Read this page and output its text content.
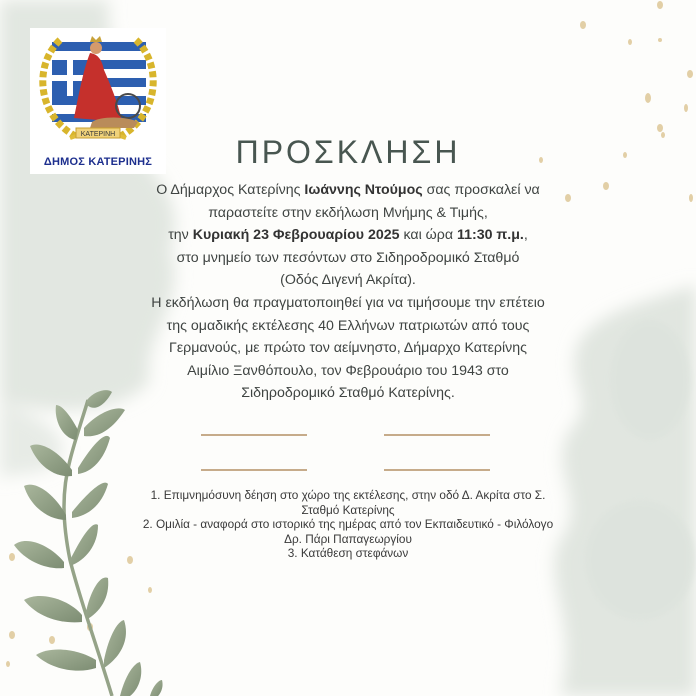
ΚΑΤΕΡΙΝΗ
ΔΗΜΟΣ ΚΑΤΕΡΙΝΗΣ	ΠΡΟΣΚΛΗΣΗ
Ο Δήμαρχος Κατερίνης Ιωάννης Ντούμος σας προσκαλεί να
παραστείτε στην εκδήλωση Μνήμης & Τιμής,
την Κυριακή 23 Φεβρουαρίου 2025 και ώρα 11:30 π.μ.,
στο μνημείο των πεσόντων στο Σιδηροδρομικό Σταθμό
(Οδός Διγενή Ακρίτα).
Η εκδήλωση θα πραγματοποιηθεί για να τιμήσουμε την επέτειο
της ομαδικής εκτέλεσης 40 Ελλήνων πατριωτών από τους
Γερμανούς, με πρώτο τον αείμνηστο, Δήμαρχο Κατερίνης
Αιμίλιο Ξανθόπουλο, τον Φεβρουάριο του 1943 στο
Σιδηροδρομικό Σταθμό Κατερίνης.
1. Επιμνημόσυνη δέηση στο χώρο της εκτέλεσης, στην οδό Δ. Ακρίτα στο Σ.
Σταθμό Κατερίνης
2. Ομιλία - αναφορά στο ιστορικό της ημέρας από τον Εκπαιδευτικό - Φιλόλογο
Δρ. Πάρι Παπαγεωργίου
3. Κατάθεση στεφάνων
